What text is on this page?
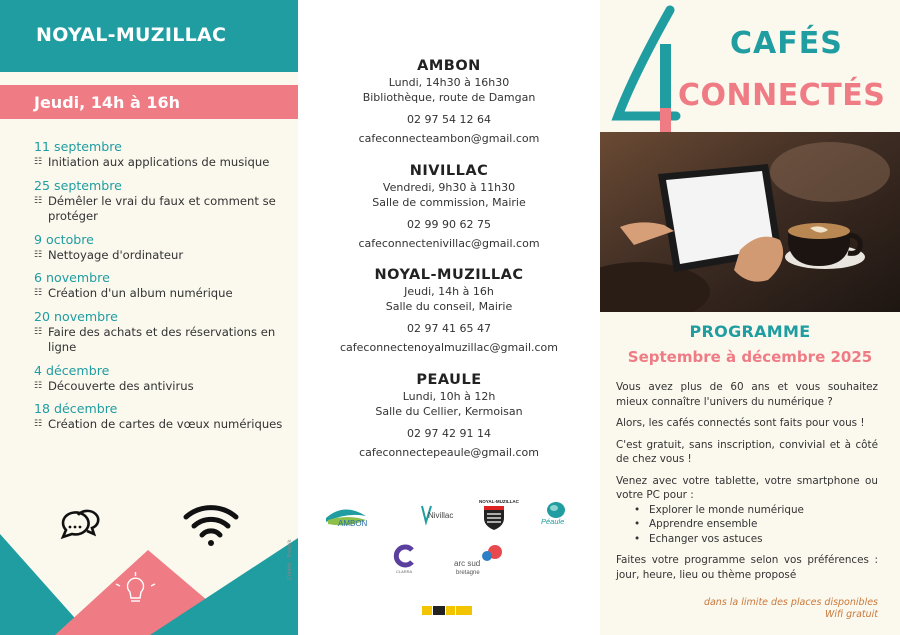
NOYAL-MUZILLAC
Jeudi, 14h à 16h
11 septembre
☷ Initiation aux applications de musique
25 septembre
☷ Démêler le vrai du faux et comment se protéger
9 octobre
☷ Nettoyage d'ordinateur
6 novembre
☷ Création d'un album numérique
20 novembre
☷ Faire des achats et des réservations en ligne
4 décembre
☷ Découverte des antivirus
18 décembre
☷ Création de cartes de vœux numériques
Crédits : Freepik
AMBON
Lundi, 14h30 à 16h30
Bibliothèque, route de Damgan
02 97 54 12 64
cafeconnecteambon@gmail.com
NIVILLAC
Vendredi, 9h30 à 11h30
Salle de commission, Mairie
02 99 90 62 75
cafeconnectenivillac@gmail.com
NOYAL-MUZILLAC
Jeudi, 14h à 16h
Salle du conseil, Mairie
02 97 41 65 47
cafeconnectenoyalmuzillac@gmail.com
PEAULE
Lundi, 10h à 12h
Salle du Cellier, Kermoisan
02 97 42 91 14
cafeconnectepeaule@gmail.com
AMBON
Nivillac
NOYAL-MUZILLAC
Péaule
CLARRA
arc sud
bretagne
4
CAFÉS
CONNECTÉS
PROGRAMME
Septembre à décembre 2025

Vous avez plus de 60 ans et vous souhaitez mieux connaître l'univers du numérique ?

Alors, les cafés connectés sont faits pour vous !

C'est gratuit, sans inscription, convivial et à côté de chez vous !

Venez avec votre tablette, votre smartphone ou votre PC pour :

• Explorer le monde numérique
• Apprendre ensemble
• Echanger vos astuces

Faites votre programme selon vos préférences : jour, heure, lieu ou thème proposé

dans la limite des places disponibles
Wifi gratuit
